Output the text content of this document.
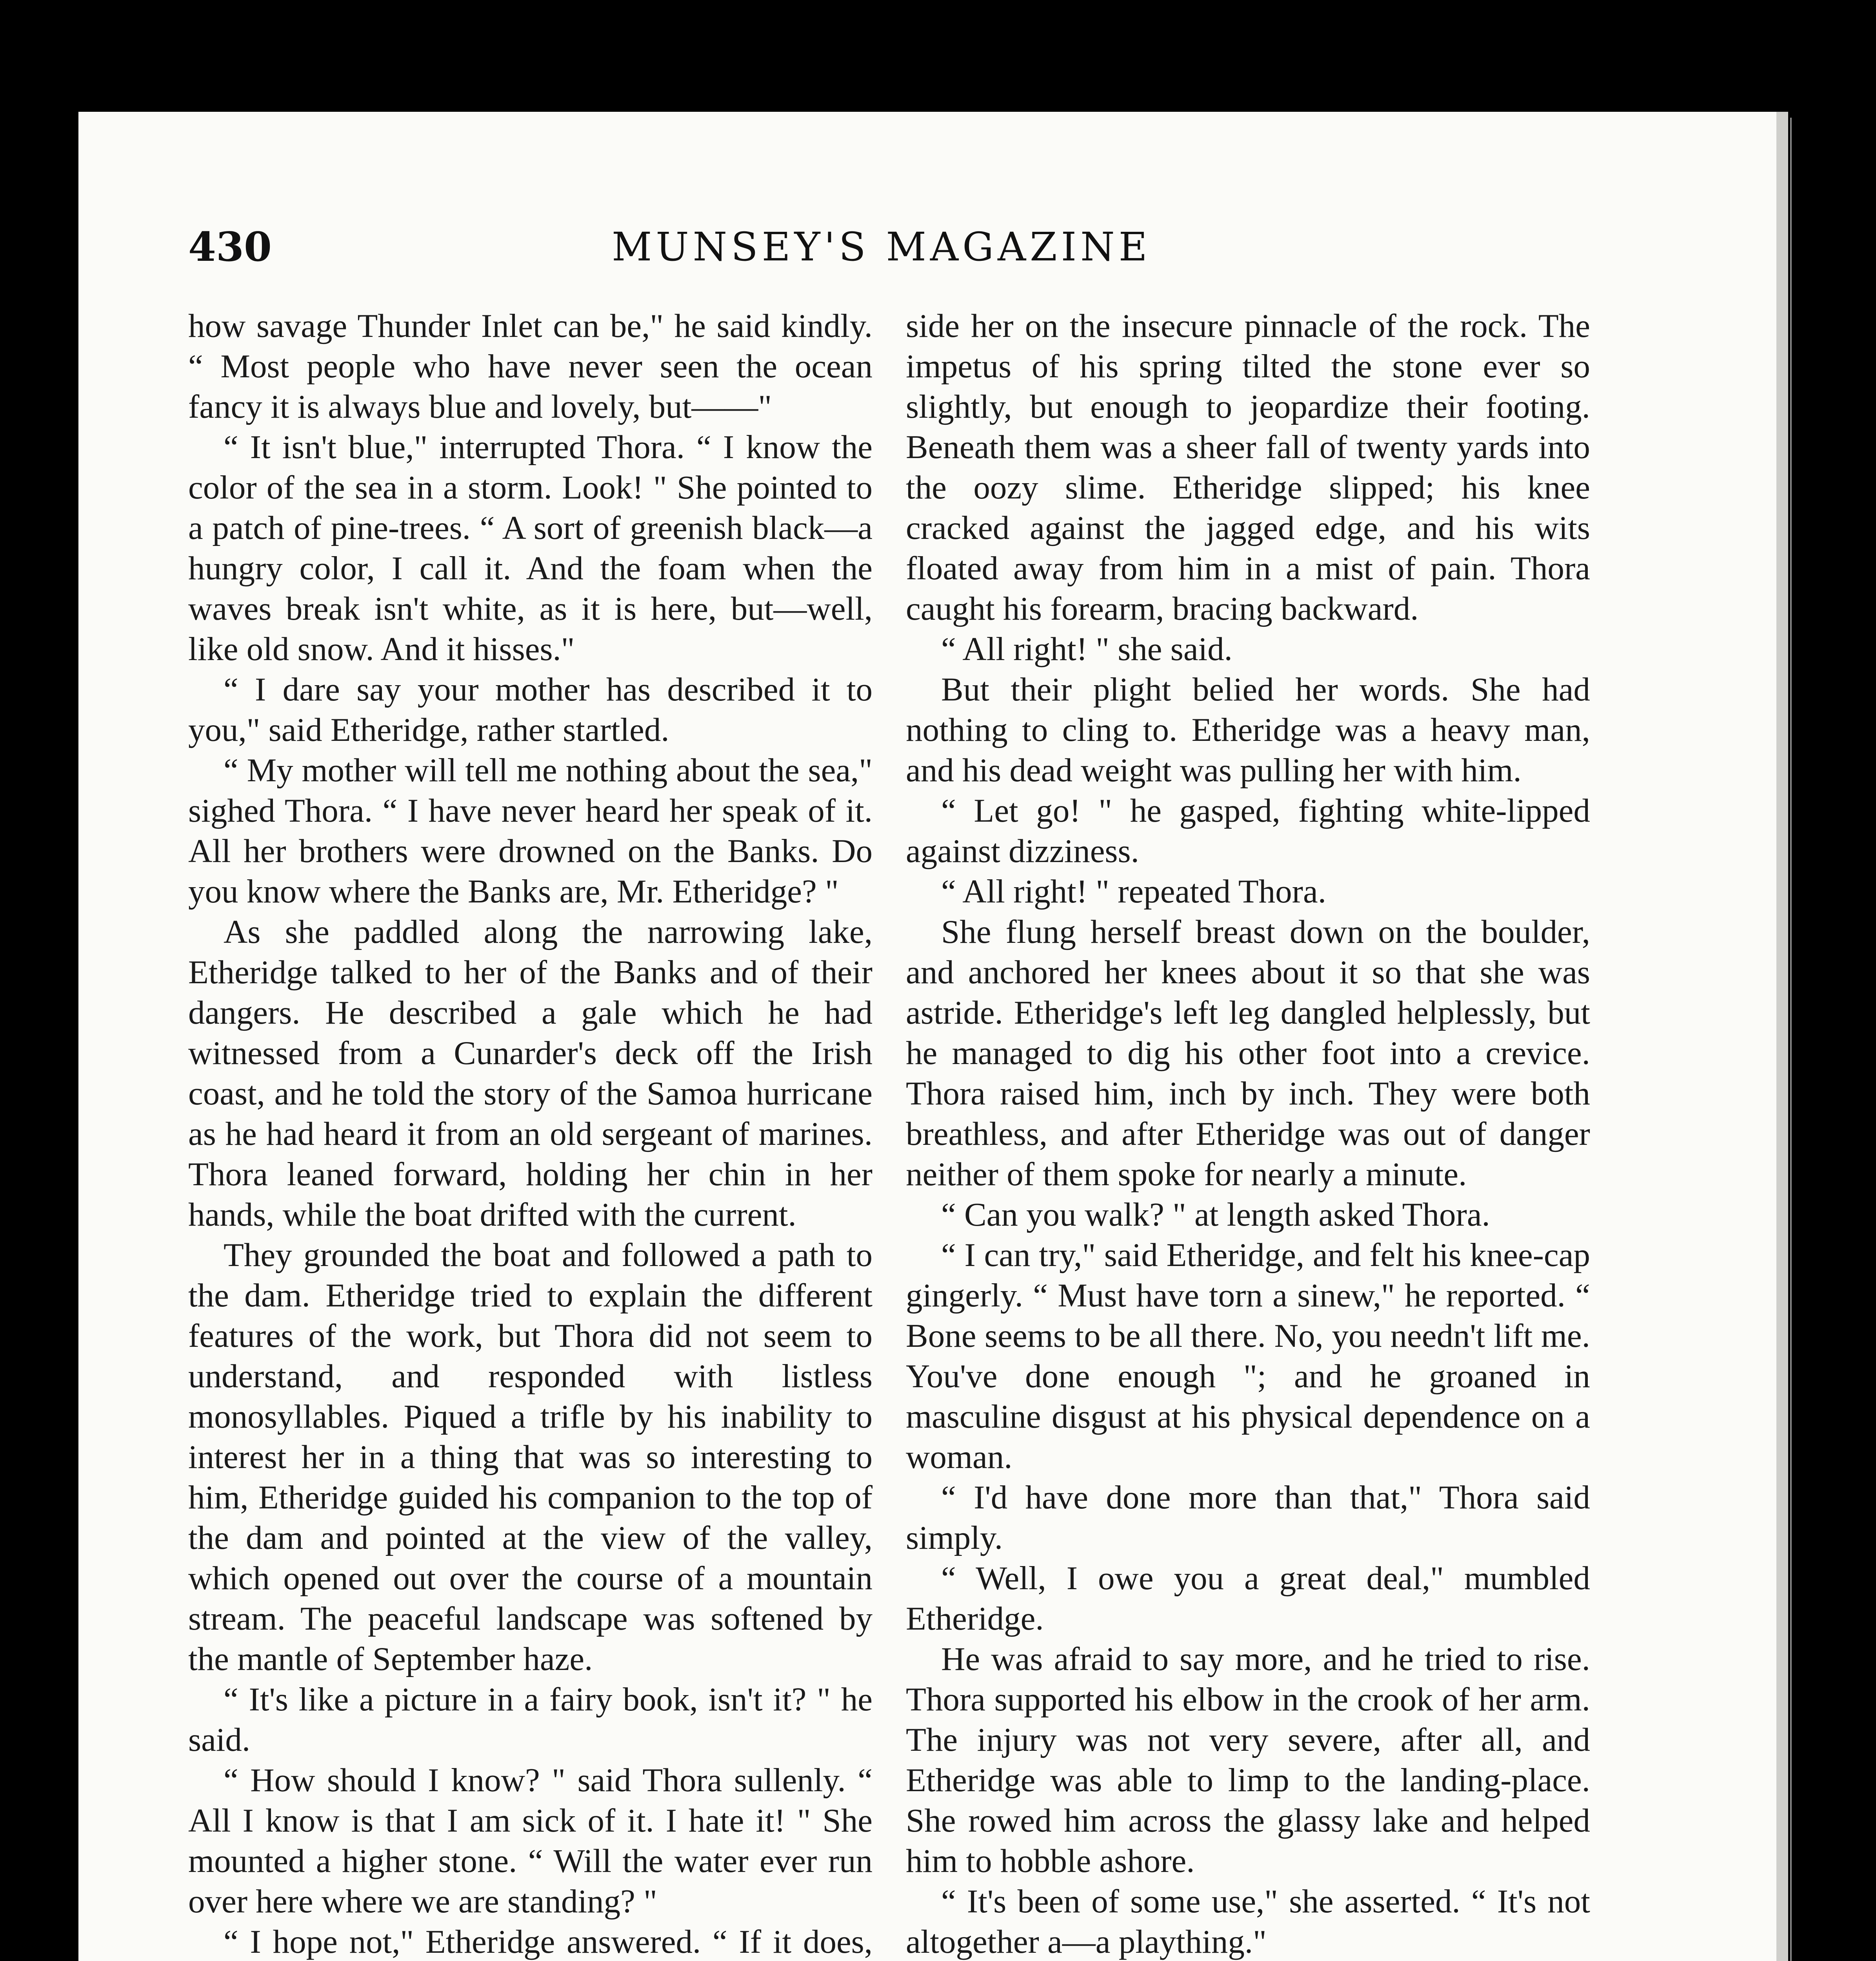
430	MUNSEY'S MAGAZINE

how savage Thunder Inlet can be," he said kindly. “ Most people who have never seen the ocean fancy it is always blue and lovely, but——"

“ It isn't blue," interrupted Thora. “ I know the color of the sea in a storm. Look! " She pointed to a patch of pine-trees. “ A sort of greenish black—a hungry color, I call it. And the foam when the waves break isn't white, as it is here, but—well, like old snow. And it hisses."

“ I dare say your mother has described it to you," said Etheridge, rather startled.

“ My mother will tell me nothing about the sea," sighed Thora. “ I have never heard her speak of it. All her brothers were drowned on the Banks. Do you know where the Banks are, Mr. Etheridge? "

As she paddled along the narrowing lake, Etheridge talked to her of the Banks and of their dangers. He described a gale which he had witnessed from a Cunarder's deck off the Irish coast, and he told the story of the Samoa hurricane as he had heard it from an old sergeant of marines. Thora leaned forward, holding her chin in her hands, while the boat drifted with the current.

They grounded the boat and followed a path to the dam. Etheridge tried to explain the different features of the work, but Thora did not seem to understand, and responded with listless monosyllables. Piqued a trifle by his inability to interest her in a thing that was so interesting to him, Etheridge guided his companion to the top of the dam and pointed at the view of the valley, which opened out over the course of a mountain stream. The peaceful landscape was softened by the mantle of September haze.

“ It's like a picture in a fairy book, isn't it? " he said.

“ How should I know? " said Thora sullenly. “ All I know is that I am sick of it. I hate it! " She mounted a higher stone. “ Will the water ever run over here where we are standing? "

“ I hope not," Etheridge answered. “ If it does,

side her on the insecure pinnacle of the rock. The impetus of his spring tilted the stone ever so slightly, but enough to jeopardize their footing. Beneath them was a sheer fall of twenty yards into the oozy slime. Etheridge slipped; his knee cracked against the jagged edge, and his wits floated away from him in a mist of pain. Thora caught his forearm, bracing backward.

“ All right! " she said.

But their plight belied her words. She had nothing to cling to. Etheridge was a heavy man, and his dead weight was pulling her with him.

“ Let go! " he gasped, fighting white-lipped against dizziness.

“ All right! " repeated Thora.

She flung herself breast down on the boulder, and anchored her knees about it so that she was astride. Etheridge's left leg dangled helplessly, but he managed to dig his other foot into a crevice. Thora raised him, inch by inch. They were both breathless, and after Etheridge was out of danger neither of them spoke for nearly a minute.

“ Can you walk? " at length asked Thora.

“ I can try," said Etheridge, and felt his knee-cap gingerly. “ Must have torn a sinew," he reported. “ Bone seems to be all there. No, you needn't lift me. You've done enough "; and he groaned in masculine disgust at his physical dependence on a woman.

“ I'd have done more than that," Thora said simply.

“ Well, I owe you a great deal," mumbled Etheridge.

He was afraid to say more, and he tried to rise. Thora supported his elbow in the crook of her arm. The injury was not very severe, after all, and Etheridge was able to limp to the landing-place. She rowed him across the glassy lake and helped him to hobble ashore.

“ It's been of some use," she asserted. “ It's not altogether a—a plaything."
